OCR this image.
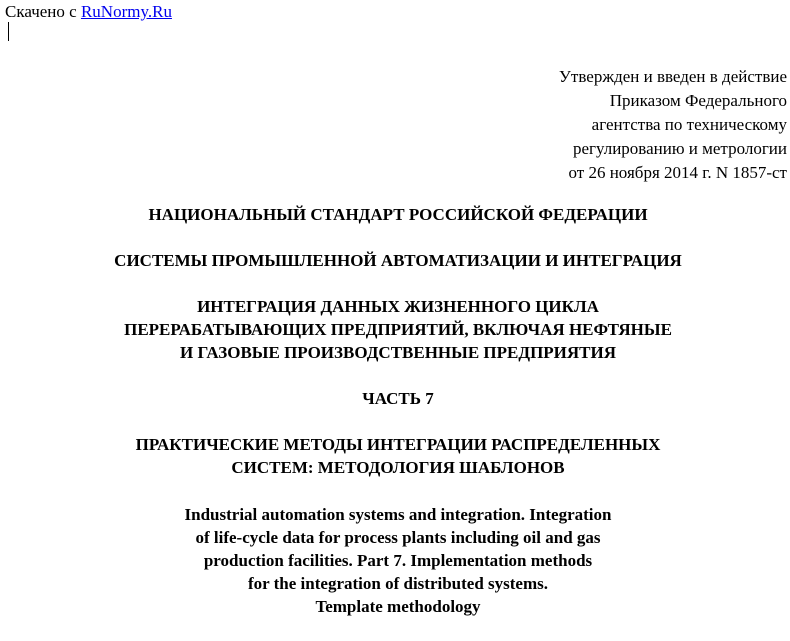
Скачено с RuNormy.Ru
Утвержден и введен в действие
Приказом Федерального
агентства по техническому
регулированию и метрологии
от 26 ноября 2014 г. N 1857-ст
НАЦИОНАЛЬНЫЙ СТАНДАРТ РОССИЙСКОЙ ФЕДЕРАЦИИ
СИСТЕМЫ ПРОМЫШЛЕННОЙ АВТОМАТИЗАЦИИ И ИНТЕГРАЦИЯ
ИНТЕГРАЦИЯ ДАННЫХ ЖИЗНЕННОГО ЦИКЛА
ПЕРЕРАБАТЫВАЮЩИХ ПРЕДПРИЯТИЙ, ВКЛЮЧАЯ НЕФТЯНЫЕ
И ГАЗОВЫЕ ПРОИЗВОДСТВЕННЫЕ ПРЕДПРИЯТИЯ
ЧАСТЬ 7
ПРАКТИЧЕСКИЕ МЕТОДЫ ИНТЕГРАЦИИ РАСПРЕДЕЛЕННЫХ
СИСТЕМ: МЕТОДОЛОГИЯ ШАБЛОНОВ
Industrial automation systems and integration. Integration
of life-cycle data for process plants including oil and gas
production facilities. Part 7. Implementation methods
for the integration of distributed systems.
Template methodology
